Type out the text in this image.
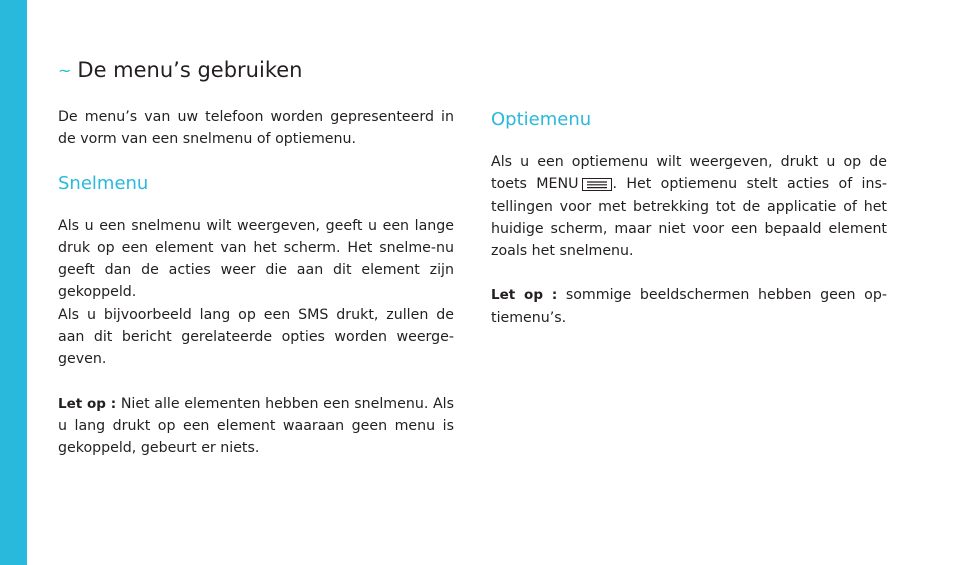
~ De menu’s gebruiken

De menu’s van uw telefoon worden gepresenteerd in de vorm van een snelmenu of optiemenu.

Snelmenu

Als u een snelmenu wilt weergeven, geeft u een lange druk op een element van het scherm. Het snelme-nu geeft dan de acties weer die aan dit element zijn gekoppeld.

Als u bijvoorbeeld lang op een SMS drukt, zullen de aan dit bericht gerelateerde opties worden weerge-geven.

Let op : Niet alle elementen hebben een snelmenu. Als u lang drukt op een element waaraan geen menu is gekoppeld, gebeurt er niets.

Optiemenu

Als u een optiemenu wilt weergeven, drukt u op de toets MENU . Het optiemenu stelt acties of ins-tellingen voor met betrekking tot de applicatie of het huidige scherm, maar niet voor een bepaald element zoals het snelmenu.

Let op : sommige beeldschermen hebben geen op-tiemenu’s.
